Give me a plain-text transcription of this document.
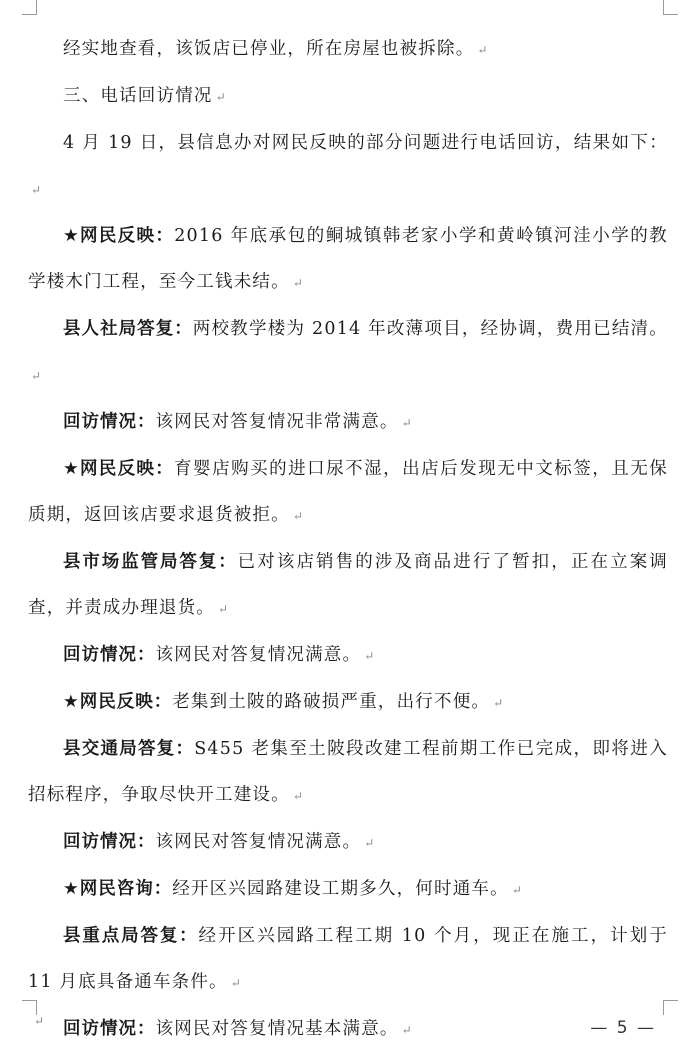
经实地查看，该饭店已停业，所在房屋也被拆除。 ↵

三、电话回访情况 ↵

4 月 19 日，县信息办对网民反映的部分问题进行电话回访，结果如下：↵

★网民反映：2016 年底承包的鲖城镇韩老家小学和黄岭镇河洼小学的教学楼木门工程，至今工钱未结。 ↵

县人社局答复：两校教学楼为 2014 年改薄项目，经协调，费用已结清。↵

回访情况：该网民对答复情况非常满意。 ↵

★网民反映：育婴店购买的进口尿不湿，出店后发现无中文标签，且无保质期，返回该店要求退货被拒。 ↵

县市场监管局答复：已对该店销售的涉及商品进行了暂扣，正在立案调查，并责成办理退货。 ↵

回访情况：该网民对答复情况满意。 ↵

★网民反映：老集到土陂的路破损严重，出行不便。 ↵

县交通局答复：S455 老集至土陂段改建工程前期工作已完成，即将进入招标程序，争取尽快开工建设。 ↵

回访情况：该网民对答复情况满意。 ↵

★网民咨询：经开区兴园路建设工期多久，何时通车。 ↵

县重点局答复：经开区兴园路工程工期 10 个月，现正在施工，计划于 11 月底具备通车条件。 ↵

回访情况：该网民对答复情况基本满意。 ↵

↵	— 5 —
